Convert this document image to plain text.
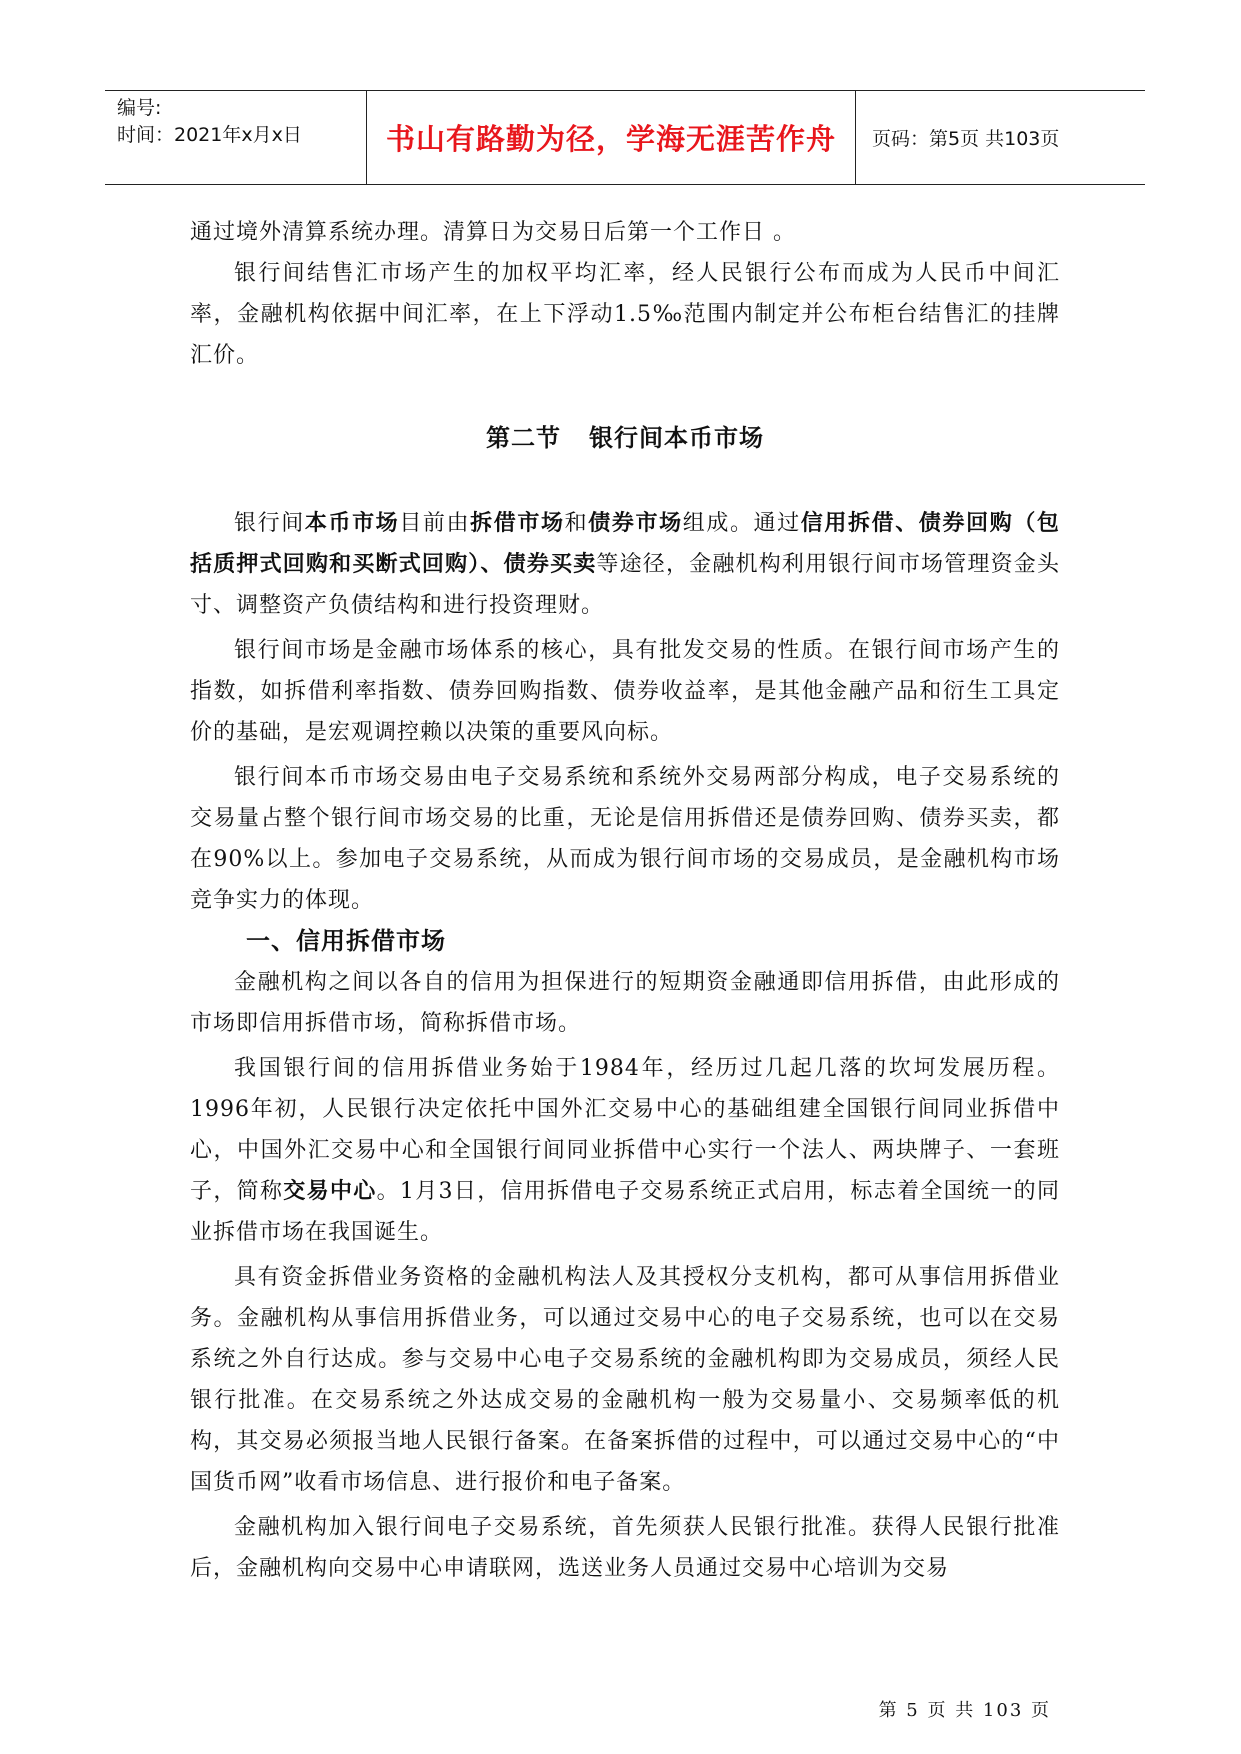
编号:
时间：2021年x月x日	书山有路勤为径，学海无涯苦作舟	页码：第5页 共103页

通过境外清算系统办理。清算日为交易日后第一个工作日 。

银行间结售汇市场产生的加权平均汇率，经人民银行公布而成为人民币中间汇率，金融机构依据中间汇率，在上下浮动1.5‰范围内制定并公布柜台结售汇的挂牌汇价。

第二节 银行间本币市场

银行间本币市场目前由拆借市场和债券市场组成。通过信用拆借、债券回购（包括质押式回购和买断式回购）、债券买卖等途径，金融机构利用银行间市场管理资金头寸、调整资产负债结构和进行投资理财。

银行间市场是金融市场体系的核心，具有批发交易的性质。在银行间市场产生的指数，如拆借利率指数、债券回购指数、债券收益率，是其他金融产品和衍生工具定价的基础，是宏观调控赖以决策的重要风向标。

银行间本币市场交易由电子交易系统和系统外交易两部分构成，电子交易系统的交易量占整个银行间市场交易的比重，无论是信用拆借还是债券回购、债券买卖，都在90%以上。参加电子交易系统，从而成为银行间市场的交易成员，是金融机构市场竞争实力的体现。

一、信用拆借市场

金融机构之间以各自的信用为担保进行的短期资金融通即信用拆借，由此形成的市场即信用拆借市场，简称拆借市场。

我国银行间的信用拆借业务始于1984年，经历过几起几落的坎坷发展历程。1996年初，人民银行决定依托中国外汇交易中心的基础组建全国银行间同业拆借中心，中国外汇交易中心和全国银行间同业拆借中心实行一个法人、两块牌子、一套班子，简称交易中心。1月3日，信用拆借电子交易系统正式启用，标志着全国统一的同业拆借市场在我国诞生。

具有资金拆借业务资格的金融机构法人及其授权分支机构，都可从事信用拆借业务。金融机构从事信用拆借业务，可以通过交易中心的电子交易系统，也可以在交易系统之外自行达成。参与交易中心电子交易系统的金融机构即为交易成员，须经人民银行批准。在交易系统之外达成交易的金融机构一般为交易量小、交易频率低的机构，其交易必须报当地人民银行备案。在备案拆借的过程中，可以通过交易中心的“中国货币网”收看市场信息、进行报价和电子备案。

金融机构加入银行间电子交易系统，首先须获人民银行批准。获得人民银行批准后，金融机构向交易中心申请联网，选送业务人员通过交易中心培训为交易

第 5 页 共 103 页
